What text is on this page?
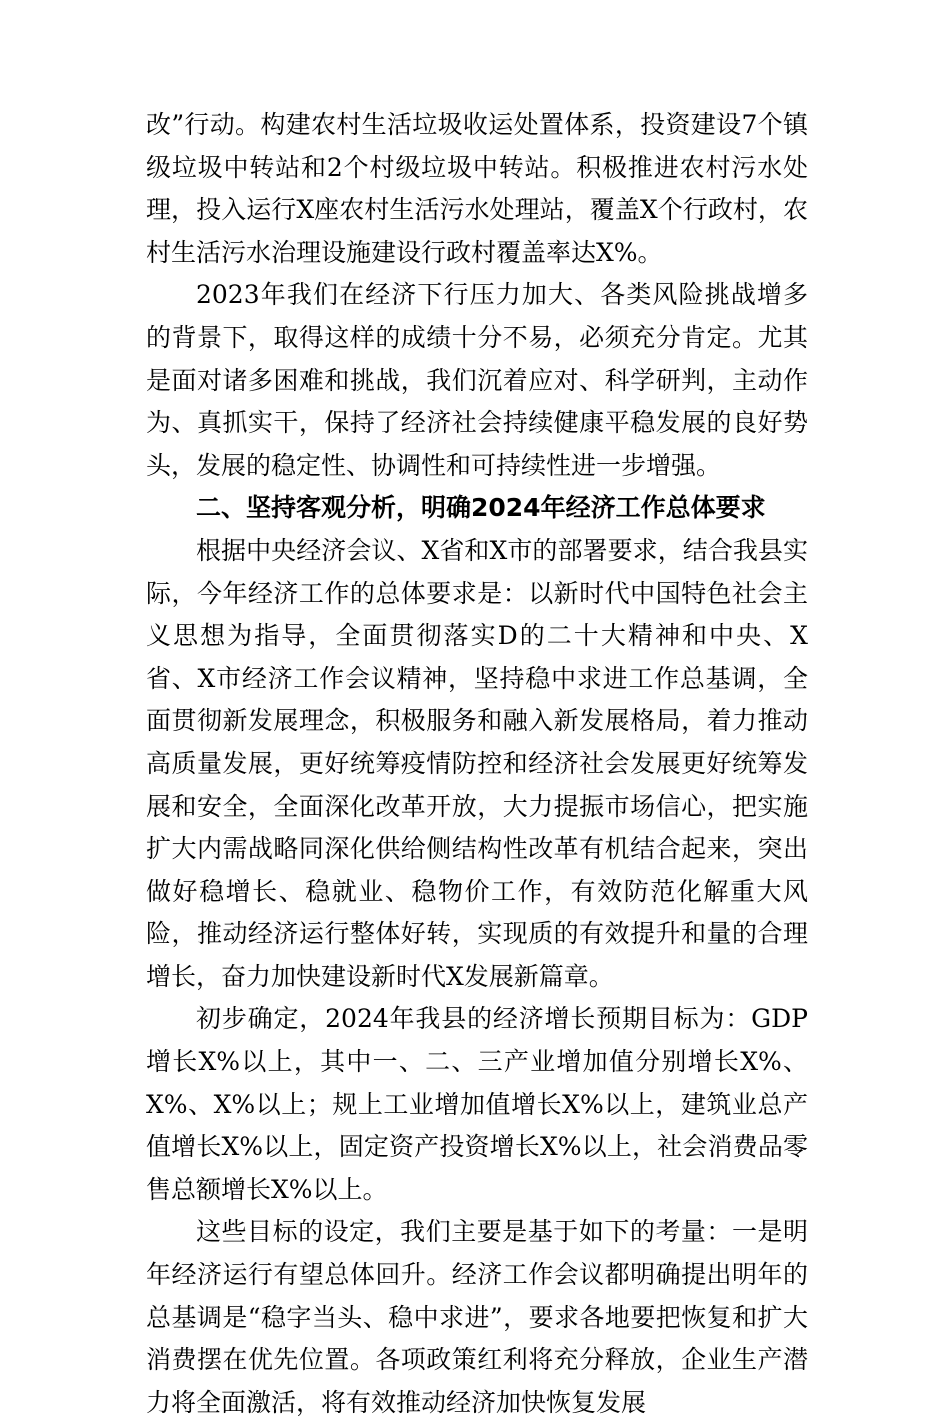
改”行动。构建农村生活垃圾收运处置体系，投资建设7个镇级垃圾中转站和2个村级垃圾中转站。积极推进农村污水处理，投入运行X座农村生活污水处理站，覆盖X个行政村，农村生活污水治理设施建设行政村覆盖率达X%。

2023年我们在经济下行压力加大、各类风险挑战增多的背景下，取得这样的成绩十分不易，必须充分肯定。尤其是面对诸多困难和挑战，我们沉着应对、科学研判，主动作为、真抓实干，保持了经济社会持续健康平稳发展的良好势头，发展的稳定性、协调性和可持续性进一步增强。

二、坚持客观分析，明确2024年经济工作总体要求

根据中央经济会议、X省和X市的部署要求，结合我县实际，今年经济工作的总体要求是：以新时代中国特色社会主义思想为指导，全面贯彻落实D的二十大精神和中央、X省、X市经济工作会议精神，坚持稳中求进工作总基调，全面贯彻新发展理念，积极服务和融入新发展格局，着力推动高质量发展，更好统筹疫情防控和经济社会发展更好统筹发展和安全，全面深化改革开放，大力提振市场信心，把实施扩大内需战略同深化供给侧结构性改革有机结合起来，突出做好稳增长、稳就业、稳物价工作，有效防范化解重大风险，推动经济运行整体好转，实现质的有效提升和量的合理增长，奋力加快建设新时代X发展新篇章。

初步确定，2024年我县的经济增长预期目标为：GDP增长X%以上，其中一、二、三产业增加值分别增长X%、X%、X%以上；规上工业增加值增长X%以上，建筑业总产值增长X%以上，固定资产投资增长X%以上，社会消费品零售总额增长X%以上。

这些目标的设定，我们主要是基于如下的考量：一是明年经济运行有望总体回升。经济工作会议都明确提出明年的总基调是“稳字当头、稳中求进”，要求各地要把恢复和扩大消费摆在优先位置。各项政策红利将充分释放，企业生产潜力将全面激活，将有效推动经济加快恢复发展
